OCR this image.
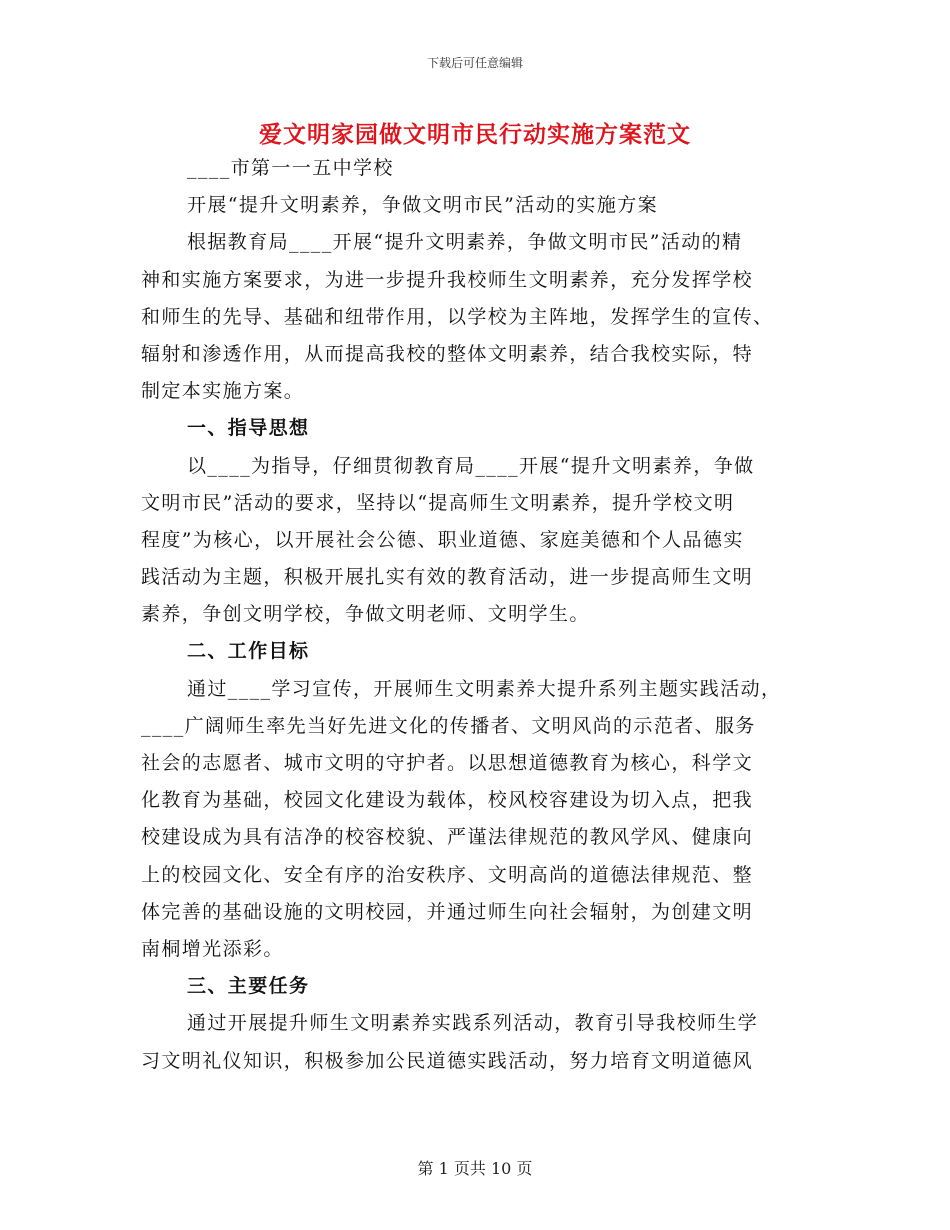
下载后可任意编辑
爱文明家园做文明市民行动实施方案范文
____市第一一五中学校
开展“提升文明素养，争做文明市民”活动的实施方案
根据教育局____开展“提升文明素养，争做文明市民”活动的精
神和实施方案要求，为进一步提升我校师生文明素养，充分发挥学校
和师生的先导、基础和纽带作用，以学校为主阵地，发挥学生的宣传、
辐射和渗透作用，从而提高我校的整体文明素养，结合我校实际，特
制定本实施方案。
一、指导思想
以____为指导，仔细贯彻教育局____开展“提升文明素养，争做
文明市民”活动的要求，坚持以“提高师生文明素养，提升学校文明
程度”为核心，以开展社会公德、职业道德、家庭美德和个人品德实
践活动为主题，积极开展扎实有效的教育活动，进一步提高师生文明
素养，争创文明学校，争做文明老师、文明学生。
二、工作目标
通过____学习宣传，开展师生文明素养大提升系列主题实践活动，
____广阔师生率先当好先进文化的传播者、文明风尚的示范者、服务
社会的志愿者、城市文明的守护者。以思想道德教育为核心，科学文
化教育为基础，校园文化建设为载体，校风校容建设为切入点，把我
校建设成为具有洁净的校容校貌、严谨法律规范的教风学风、健康向
上的校园文化、安全有序的治安秩序、文明高尚的道德法律规范、整
体完善的基础设施的文明校园，并通过师生向社会辐射，为创建文明
南桐增光添彩。
三、主要任务
通过开展提升师生文明素养实践系列活动，教育引导我校师生学
习文明礼仪知识，积极参加公民道德实践活动，努力培育文明道德风
第 1 页共 10 页
